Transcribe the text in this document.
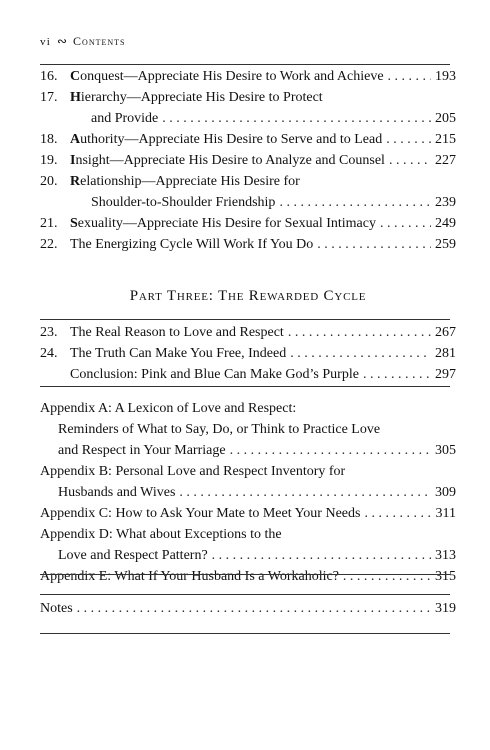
vi ∾ Contents
16. Conquest—Appreciate His Desire to Work and Achieve . . .	193
17. Hierarchy—Appreciate His Desire to Protect
and Provide . . .	205
18. Authority—Appreciate His Desire to Serve and to Lead . . .	215
19. Insight—Appreciate His Desire to Analyze and Counsel . . .	227
20. Relationship—Appreciate His Desire for
Shoulder-to-Shoulder Friendship . . .	239
21. Sexuality—Appreciate His Desire for Sexual Intimacy . . .	249
22. The Energizing Cycle Will Work If You Do . . .	259
Part Three: The Rewarded Cycle
23. The Real Reason to Love and Respect . . .	267
24. The Truth Can Make You Free, Indeed . . .	281
Conclusion: Pink and Blue Can Make God’s Purple . . .	297
Appendix A: A Lexicon of Love and Respect:
Reminders of What to Say, Do, or Think to Practice Love
and Respect in Your Marriage . . .	305
Appendix B: Personal Love and Respect Inventory for
Husbands and Wives . . .	309
Appendix C: How to Ask Your Mate to Meet Your Needs . . .	311
Appendix D: What about Exceptions to the
Love and Respect Pattern? . . .	313
Appendix E: What If Your Husband Is a Workaholic? . . .	315
Notes . . .	319
